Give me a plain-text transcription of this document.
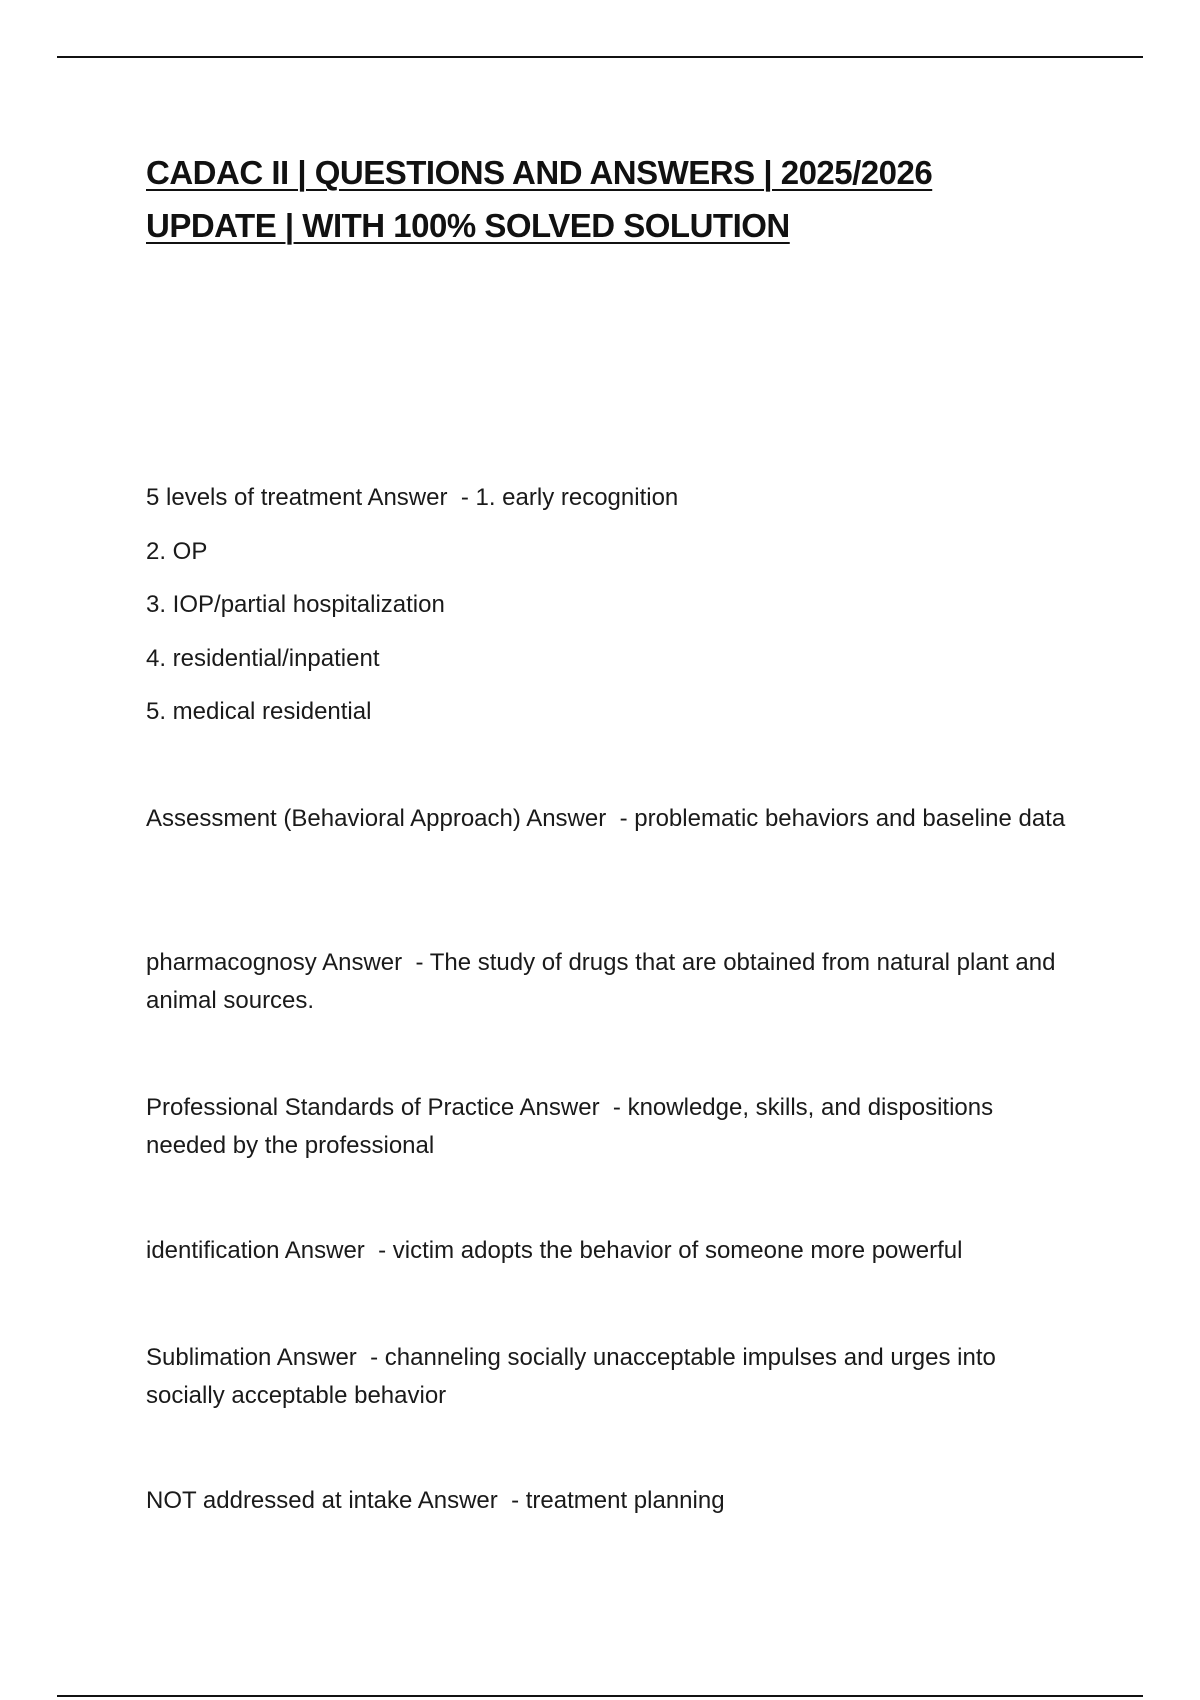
CADAC II | QUESTIONS AND ANSWERS | 2025/2026
UPDATE | WITH 100% SOLVED SOLUTION
5 levels of treatment Answer  - 1. early recognition
2. OP
3. IOP/partial hospitalization
4. residential/inpatient
5. medical residential
Assessment (Behavioral Approach) Answer  - problematic behaviors and baseline data
pharmacognosy Answer  - The study of drugs that are obtained from natural plant and animal sources.
Professional Standards of Practice Answer  - knowledge, skills, and dispositions needed by the professional
identification Answer  - victim adopts the behavior of someone more powerful
Sublimation Answer  - channeling socially unacceptable impulses and urges into socially acceptable behavior
NOT addressed at intake Answer  - treatment planning
